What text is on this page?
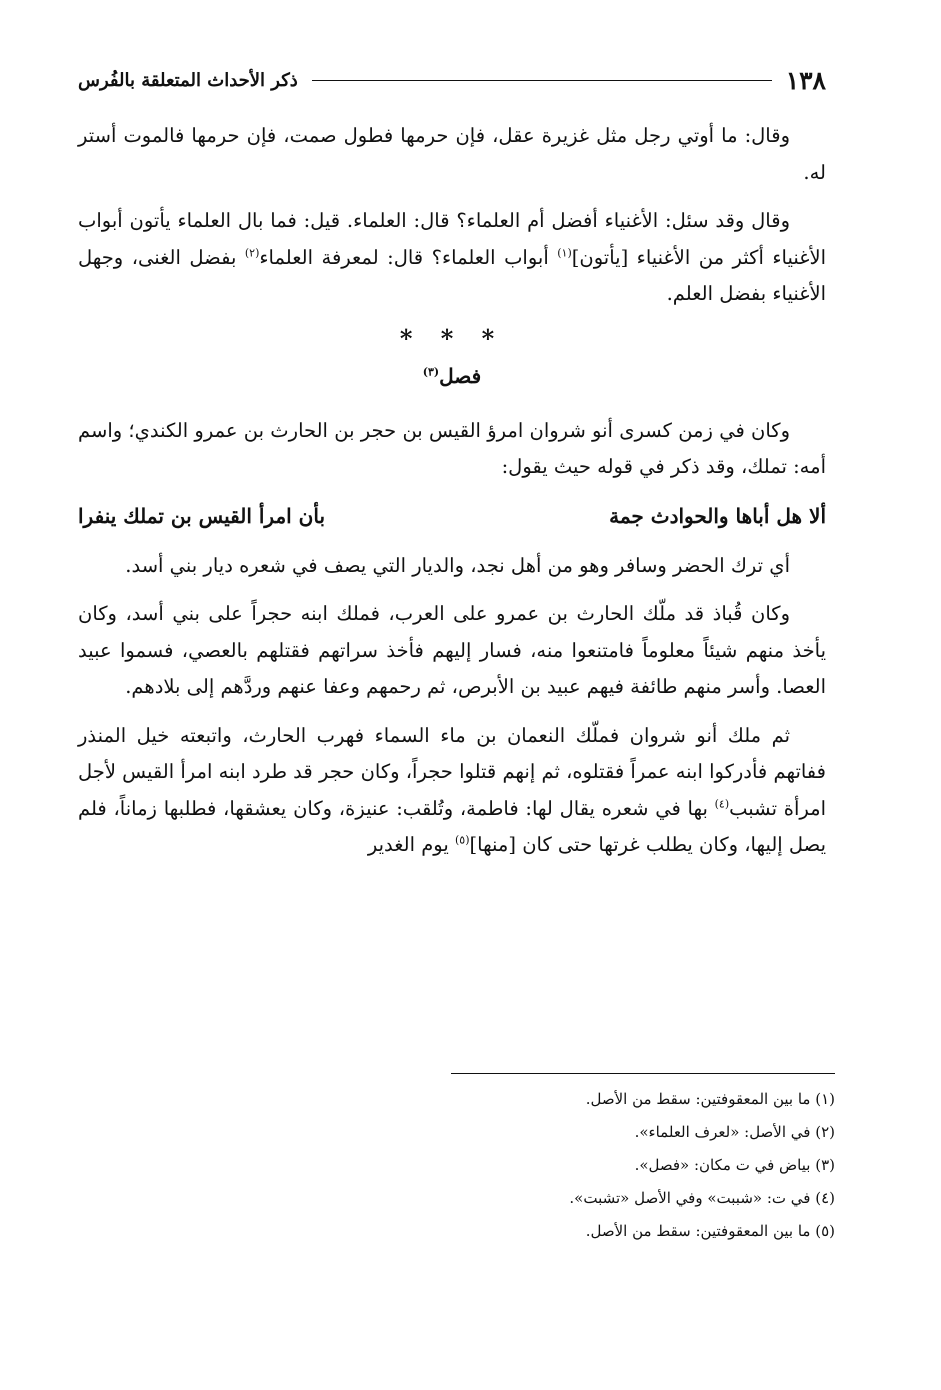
١٣٨
ذكر الأحداث المتعلقة بالفُرس

وقال: ما أوتي رجل مثل غزيرة عقل، فإن حرمها فطول صمت، فإن حرمها فالموت أستر له.

وقال وقد سئل: الأغنياء أفضل أم العلماء؟ قال: العلماء. قيل: فما بال العلماء يأتون أبواب الأغنياء أكثر من الأغنياء [يأتون]$^{(١)}$ أبواب العلماء؟ قال: لمعرفة العلماء$^{(٢)}$ بفضل الغنى، وجهل الأغنياء بفضل العلم.

* * *
فصل$^{(٣)}$

وكان في زمن كسرى أنو شروان امرؤ القيس بن حجر بن الحارث بن عمرو الكندي؛ واسم أمه: تملك، وقد ذكر في قوله حيث يقول:

ألا هل أباها والحوادث جمة
بأن امرأ القيس بن تملك ينفرا

أي ترك الحضر وسافر وهو من أهل نجد، والديار التي يصف في شعره ديار بني أسد.

وكان قُباذ قد ملّك الحارث بن عمرو على العرب، فملك ابنه حجراً على بني أسد، وكان يأخذ منهم شيئاً معلوماً فامتنعوا منه، فسار إليهم فأخذ سراتهم فقتلهم بالعصي، فسموا عبيد العصا. وأسر منهم طائفة فيهم عبيد بن الأبرص، ثم رحمهم وعفا عنهم وردَّهم إلى بلادهم.

ثم ملك أنو شروان فملّك النعمان بن ماء السماء فهرب الحارث، واتبعته خيل المنذر ففاتهم فأدركوا ابنه عمراً فقتلوه، ثم إنهم قتلوا حجراً، وكان حجر قد طرد ابنه امرأ القيس لأجل امرأة تشبب$^{(٤)}$ بها في شعره يقال لها: فاطمة، وتُلقب: عنيزة، وكان يعشقها، فطلبها زماناً، فلم يصل إليها، وكان يطلب غرتها حتى كان [منها]$^{(٥)}$ يوم الغدير

(١) ما بين المعقوفتين: سقط من الأصل.

(٢) في الأصل: «لعرف العلماء».

(٣) بياض في ت مكان: «فصل».

(٤) في ت: «شببت» وفي الأصل «تشبت».

(٥) ما بين المعقوفتين: سقط من الأصل.
